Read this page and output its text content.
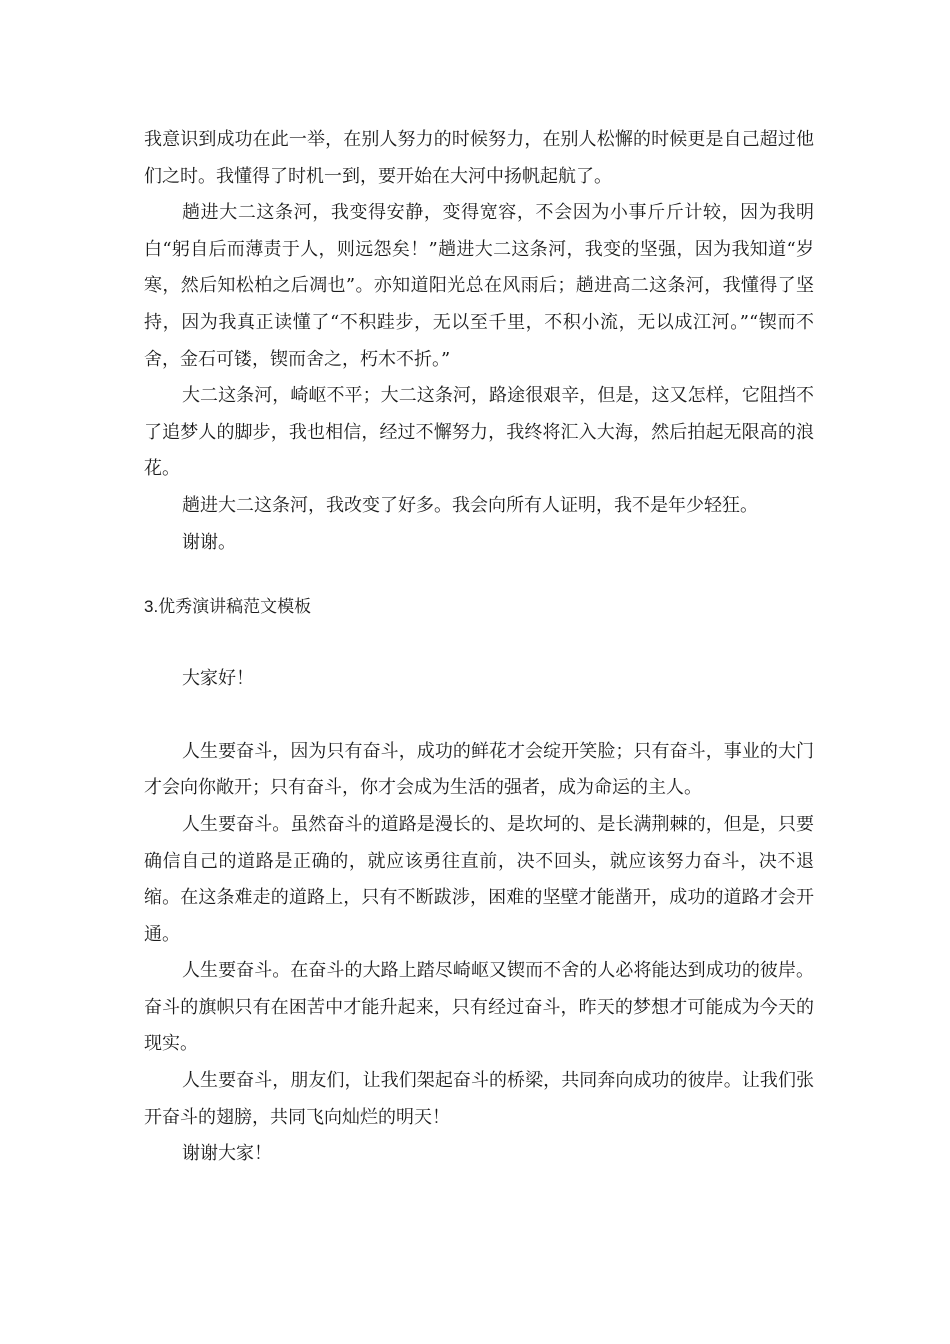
我意识到成功在此一举，在别人努力的时候努力，在别人松懈的时候更是自己超过他们之时。我懂得了时机一到，要开始在大河中扬帆起航了。

趟进大二这条河，我变得安静，变得宽容，不会因为小事斤斤计较，因为我明白“躬自后而薄责于人，则远怨矣！”趟进大二这条河，我变的坚强，因为我知道“岁寒，然后知松柏之后凋也”。亦知道阳光总在风雨后；趟进高二这条河，我懂得了坚持，因为我真正读懂了“不积跬步，无以至千里，不积小流，无以成江河。”“锲而不舍，金石可镂，锲而舍之，朽木不折。”

大二这条河，崎岖不平；大二这条河，路途很艰辛，但是，这又怎样，它阻挡不了追梦人的脚步，我也相信，经过不懈努力，我终将汇入大海，然后拍起无限高的浪花。

趟进大二这条河，我改变了好多。我会向所有人证明，我不是年少轻狂。

谢谢。

3.优秀演讲稿范文模板

大家好！

人生要奋斗，因为只有奋斗，成功的鲜花才会绽开笑脸；只有奋斗，事业的大门才会向你敞开；只有奋斗，你才会成为生活的强者，成为命运的主人。

人生要奋斗。虽然奋斗的道路是漫长的、是坎坷的、是长满荆棘的，但是，只要确信自己的道路是正确的，就应该勇往直前，决不回头，就应该努力奋斗，决不退缩。在这条难走的道路上，只有不断跋涉，困难的坚壁才能凿开，成功的道路才会开通。

人生要奋斗。在奋斗的大路上踏尽崎岖又锲而不舍的人必将能达到成功的彼岸。奋斗的旗帜只有在困苦中才能升起来，只有经过奋斗，昨天的梦想才可能成为今天的现实。

人生要奋斗，朋友们，让我们架起奋斗的桥梁，共同奔向成功的彼岸。让我们张开奋斗的翅膀，共同飞向灿烂的明天！

谢谢大家！
